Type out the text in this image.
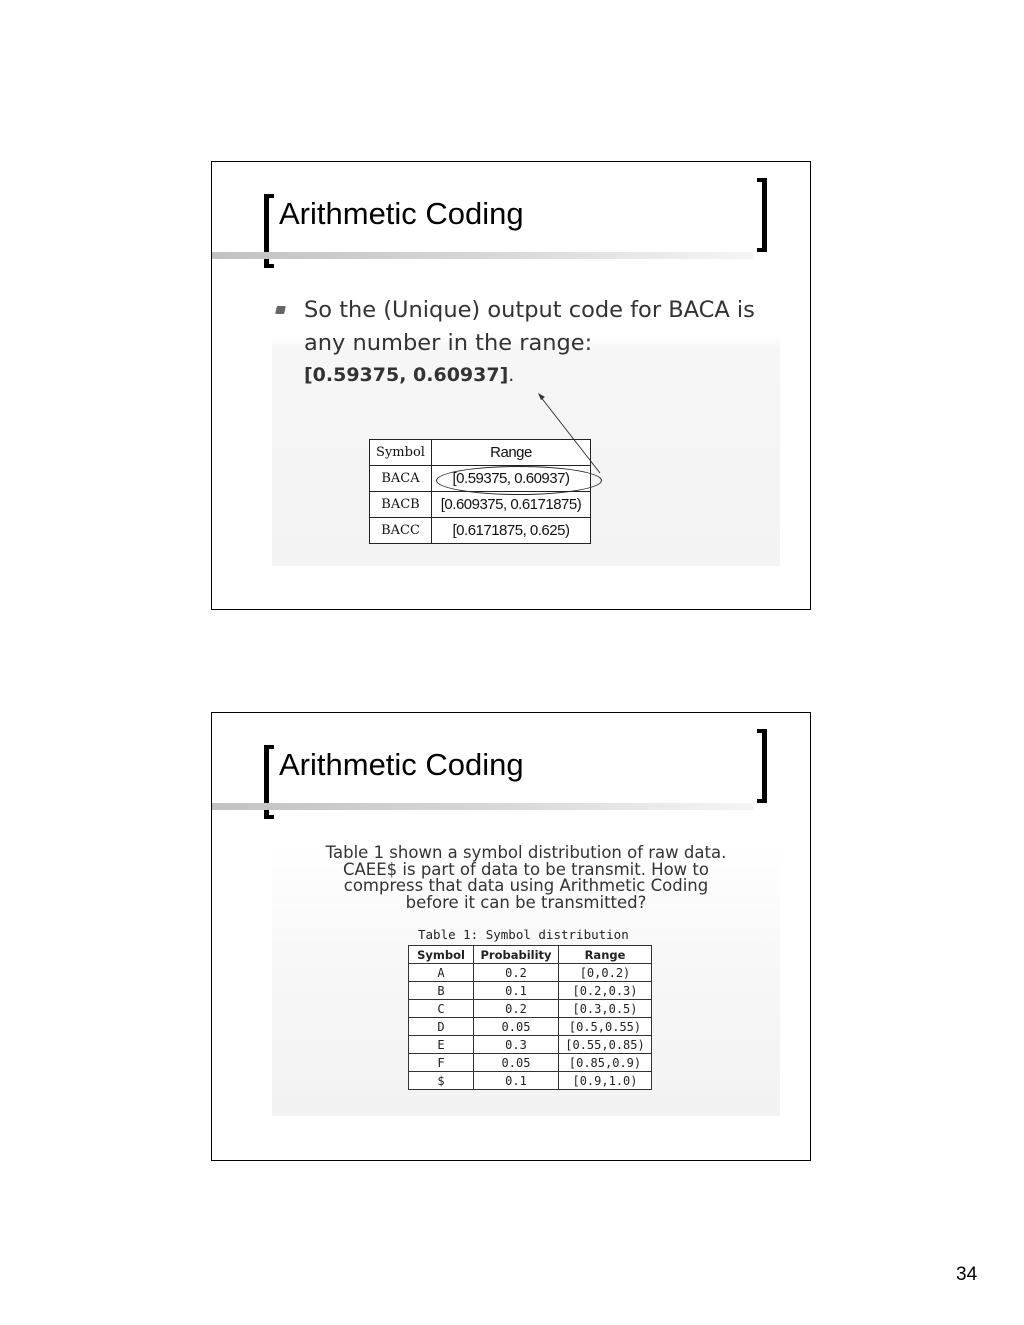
Arithmetic Coding
So the (Unique) output code for BACA is any number in the range:
[0.59375, 0.60937].
Symbol	Range
BACA	[0.59375, 0.60937)
BACB	[0.609375, 0.6171875)
BACC	[0.6171875, 0.625)
Arithmetic Coding
Table 1 shown a symbol distribution of raw data.
CAEE$ is part of data to be transmit. How to
compress that data using Arithmetic Coding
before it can be transmitted?
Table 1: Symbol distribution
Symbol	Probability	Range
A	0.2	[0,0.2)
B	0.1	[0.2,0.3)
C	0.2	[0.3,0.5)
D	0.05	[0.5,0.55)
E	0.3	[0.55,0.85)
F	0.05	[0.85,0.9)
$	0.1	[0.9,1.0)
34
